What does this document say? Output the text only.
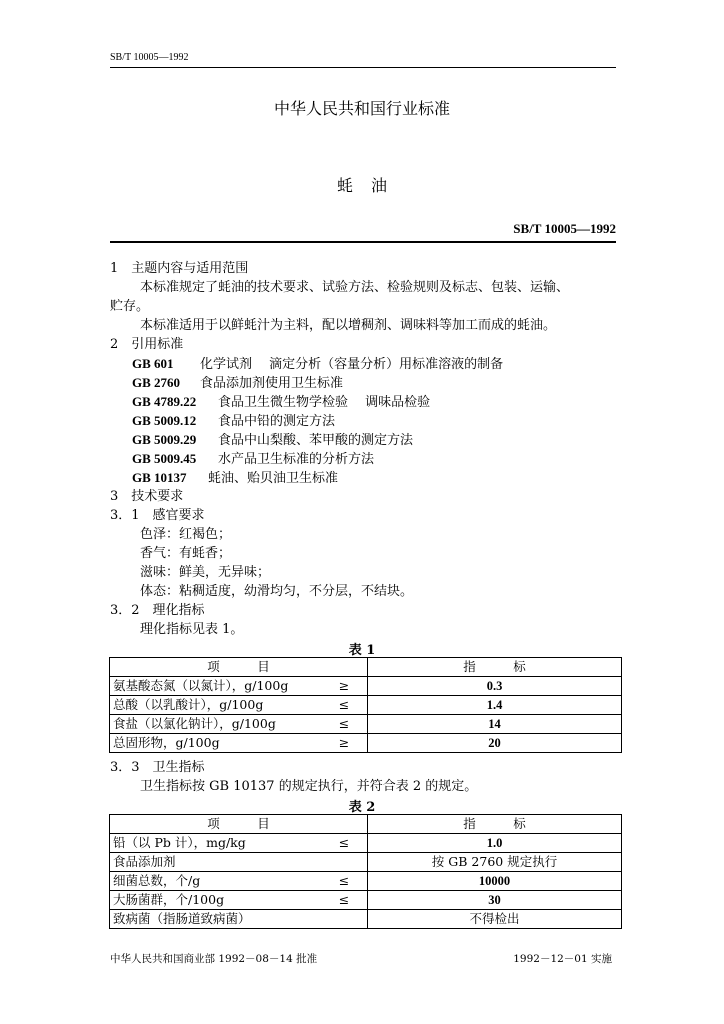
SB/T 10005—1992
中华人民共和国行业标准
蚝油
SB/T 10005—1992
1　主题内容与适用范围
本标准规定了蚝油的技术要求、试验方法、检验规则及标志、包装、运输、
贮存。
本标准适用于以鲜蚝汁为主料，配以增稠剂、调味料等加工而成的蚝油。
2　引用标准
GB 601 化学试剂　 滴定分析（容量分析）用标准溶液的制备
GB 2760 食品添加剂使用卫生标准
GB 4789.22 食品卫生微生物学检验　 调味品检验
GB 5009.12 食品中铅的测定方法
GB 5009.29 食品中山梨酸、苯甲酸的测定方法
GB 5009.45 水产品卫生标准的分析方法
GB 10137 蚝油、贻贝油卫生标准
3　技术要求
3．1　感官要求
色泽：红褐色；
香气：有蚝香；
滋味：鲜美，无异味；
体态：粘稠适度，幼滑均匀，不分层，不结块。
3．2　理化指标
理化指标见表 1。
表 1
项　　　目		指　　　标
氨基酸态氮（以氮计），g/100g	≥	0.3
总酸（以乳酸计），g/100g	≤	1.4
食盐（以氯化钠计），g/100g	≤	14
总固形物，g/100g	≥	20
3．3　卫生指标
卫生指标按 GB 10137 的规定执行，并符合表 2 的规定。
表 2
项　　　目		指　　　标
铅（以 Pb 计），mg/kg	≤	1.0
食品添加剂		按 GB 2760 规定执行
细菌总数，个/g	≤	10000
大肠菌群，个/100g	≤	30
致病菌（指肠道致病菌）		不得检出
中华人民共和国商业部 1992－08－14 批准	1992－12－01 实施
